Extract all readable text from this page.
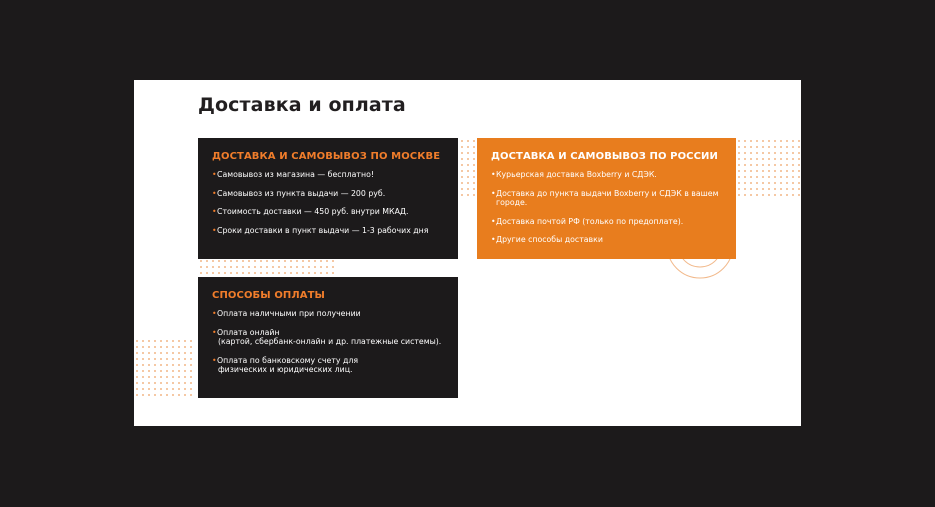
Доставка и оплата
ДОСТАВКА И САМОВЫВОЗ ПО МОСКВЕ
• Самовывоз из магазина — бесплатно!
• Самовывоз из пункта выдачи — 200 руб.
• Стоимость доставки — 450 руб. внутри МКАД.
• Сроки доставки в пункт выдачи — 1-3 рабочих дня
ДОСТАВКА И САМОВЫВОЗ ПО РОССИИ
• Курьерская доставка Boxberry и СДЭК.
• Доставка до пункта выдачи Boxberry и СДЭК в вашем городе.
• Доставка почтой РФ (только по предоплате).
• Другие способы доставки
СПОСОБЫ ОПЛАТЫ
• Оплата наличными при получении
• Оплата онлайн
(картой, сбербанк-онлайн и др. платежные системы).
• Оплата по банковскому счету для
физических и юридических лиц.
